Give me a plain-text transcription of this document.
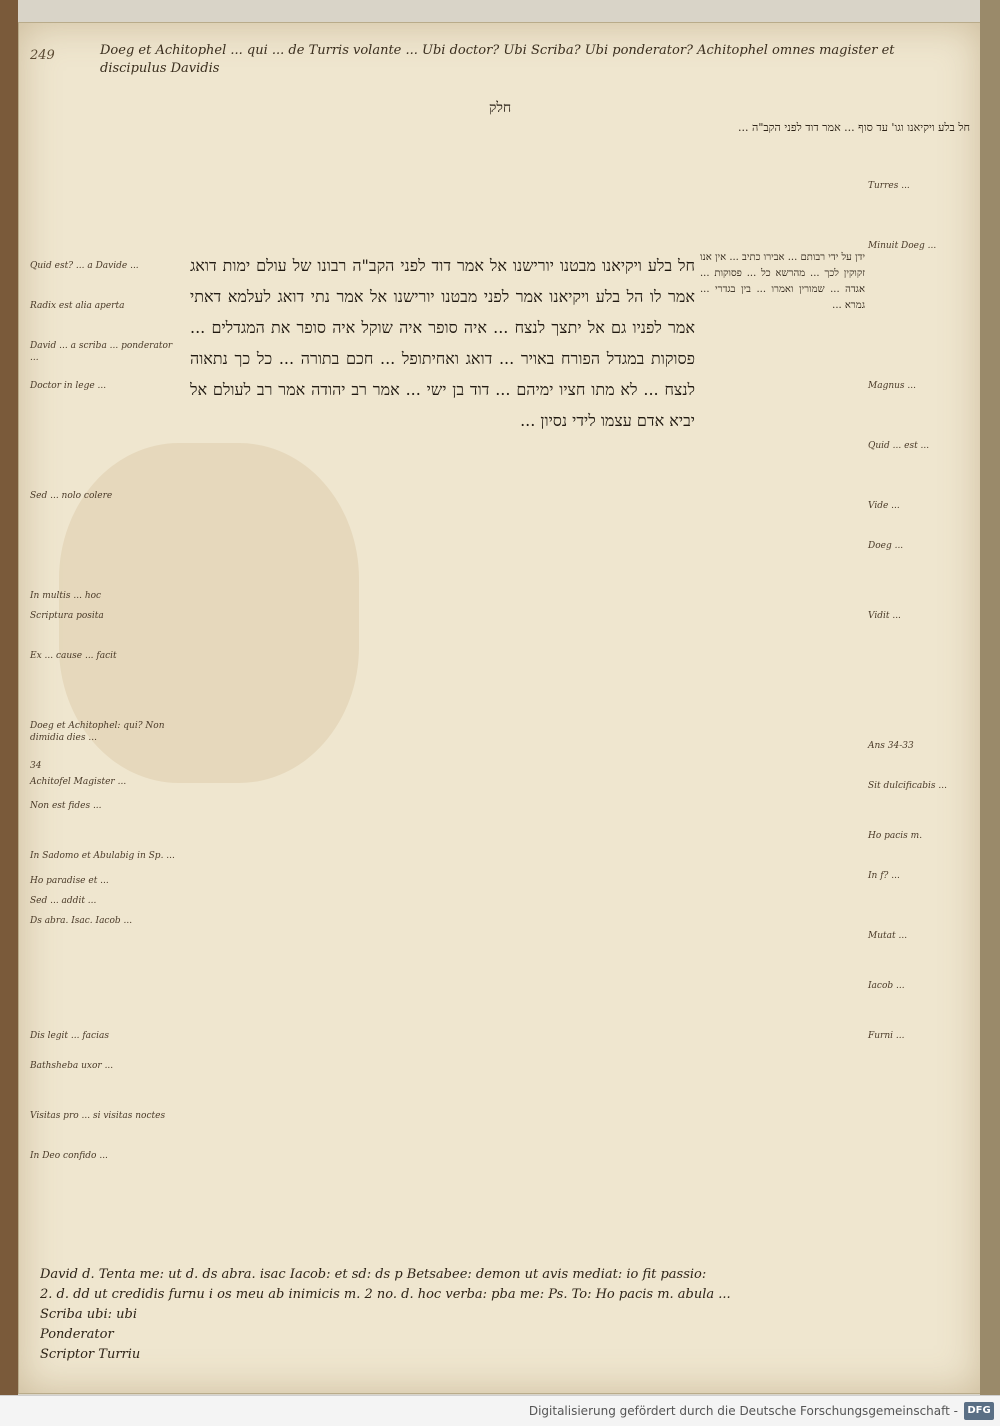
249	Doeg et Achitophel ... qui ... de Turris volante ... Ubi doctor? Ubi Scriba? Ubi ponderator? Achitophel omnes magister et discipulus Davidis
חלק
חל בלע ויקיאנו וגו' עד סוף ... אמר דוד לפני הקב"ה ...
חל בלע ויקיאנו מבטנו יורישנו אל אמר דוד לפני הקב"ה רבונו של עולם ימות דואג אמר לו הל בלע ויקיאנו אמר לפני מבטנו יורישנו אל אמר נתי דואג לעלמא דאתי אמר לפניו גם אל יתצך לנצח ... איה סופר איה שוקל איה סופר את המגדלים ... פסוקות במגדל הפורח באויר ... דואג ואחיתופל ... חכם בתורה ... כל כך נתאוה לנצח ... לא מתו חציו ימיהם ... דוד בן ישי ... אמר רב יהודה אמר רב לעולם אל יביא אדם עצמו לידי נסיון ...
ידן על ידי רבותם ... אבירו כתיב ... אין אנו זקוקין לכך ... מהרשא כל ... פסוקות ... אגדה ... שמורין ואמרו ... בין בגדרי ... גמרא ...
Quid est? ... a Davide ...
Radix est alia aperta
David ... a scriba ... ponderator ...
Doctor in lege ...
Sed ... nolo colere
In multis ... hoc
Scriptura posita
Ex ... cause ... facit
Doeg et Achitophel: qui? Non dimidia dies ...
34
Achitofel Magister ...
Non est fides ...
In Sadomo et Abulabig in Sp. ...
Ho paradise et ...
Sed ... addit ...
Ds abra. Isac. Iacob ...
Dis legit ... facias
Bathsheba uxor ...
Visitas pro ... si visitas noctes
In Deo confido ...
Turres ...
Minuit Doeg ...
Magnus ...
Quid ... est ...
Vide ...
Doeg ...
Vidit ...
Ans 34-33
Sit dulcificabis ...
Ho pacis m.
In f? ...
Mutat ...
Iacob ...
Furni ...
David d. Tenta me: ut d. ds abra. isac Iacob: et sd: ds p Betsabee: demon ut avis mediat: io fit passio:
2. d. dd ut credidis furnu i os meu ab inimicis m. 2 no. d. hoc verba: pba me: Ps. To: Ho pacis m. abula ...
Scriba ubi: ubi
Ponderator
Scriptor Turriu
Digitalisierung gefördert durch die Deutsche Forschungsgemeinschaft - DFG
